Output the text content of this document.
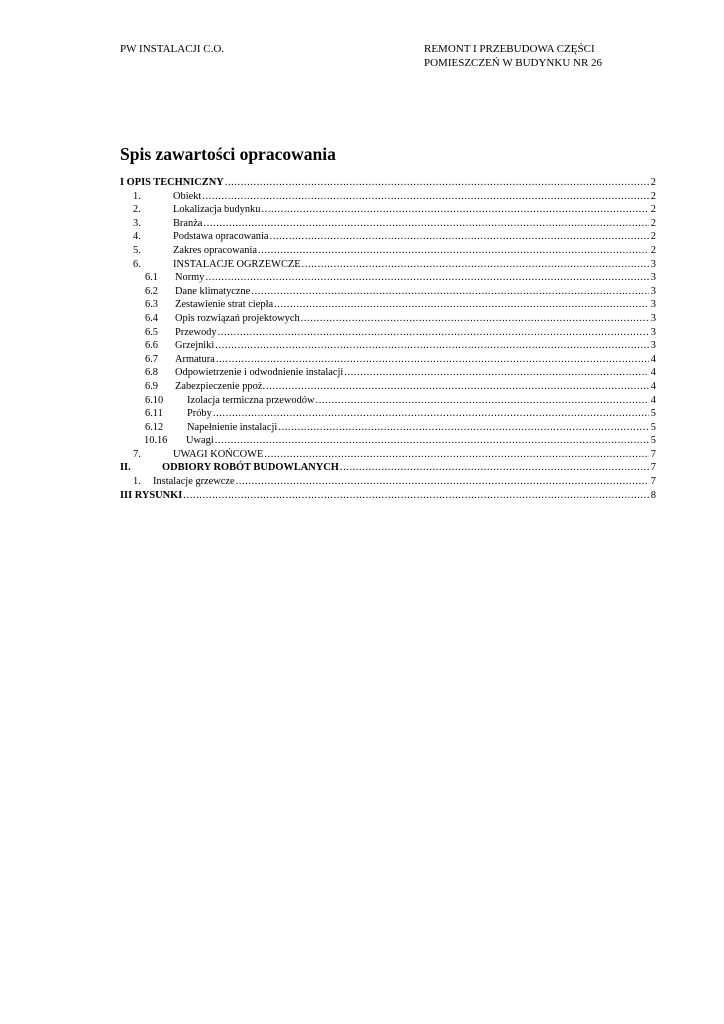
PW INSTALACJI C.O.	REMONT I PRZEBUDOWA CZĘŚCI
POMIESZCZEŃ W BUDYNKU NR 26
Spis zawartości opracowania
I OPIS TECHNICZNY .....	2
1.	Obiekt .....	2
2.	Lokalizacja budynku .....	2
3.	Branża .....	2
4.	Podstawa opracowania .....	2
5.	Zakres opracowania .....	2
6.	INSTALACJE OGRZEWCZE .....	3
6.1	Normy .....	3
6.2	Dane klimatyczne .....	3
6.3	Zestawienie strat ciepła .....	3
6.4	Opis rozwiązań projektowych .....	3
6.5	Przewody .....	3
6.6	Grzejniki .....	3
6.7	Armatura .....	4
6.8	Odpowietrzenie i odwodnienie instalacji .....	4
6.9	Zabezpieczenie ppoż. .....	4
6.10	Izolacja termiczna przewodów .....	4
6.11	Próby .....	5
6.12	Napełnienie instalacji .....	5
10.16	Uwagi .....	5
7.	UWAGI KOŃCOWE .....	7
II.	ODBIORY ROBÓT BUDOWLANYCH .....	7
1.	Instalacje grzewcze .....	7
III RYSUNKI .....	8
